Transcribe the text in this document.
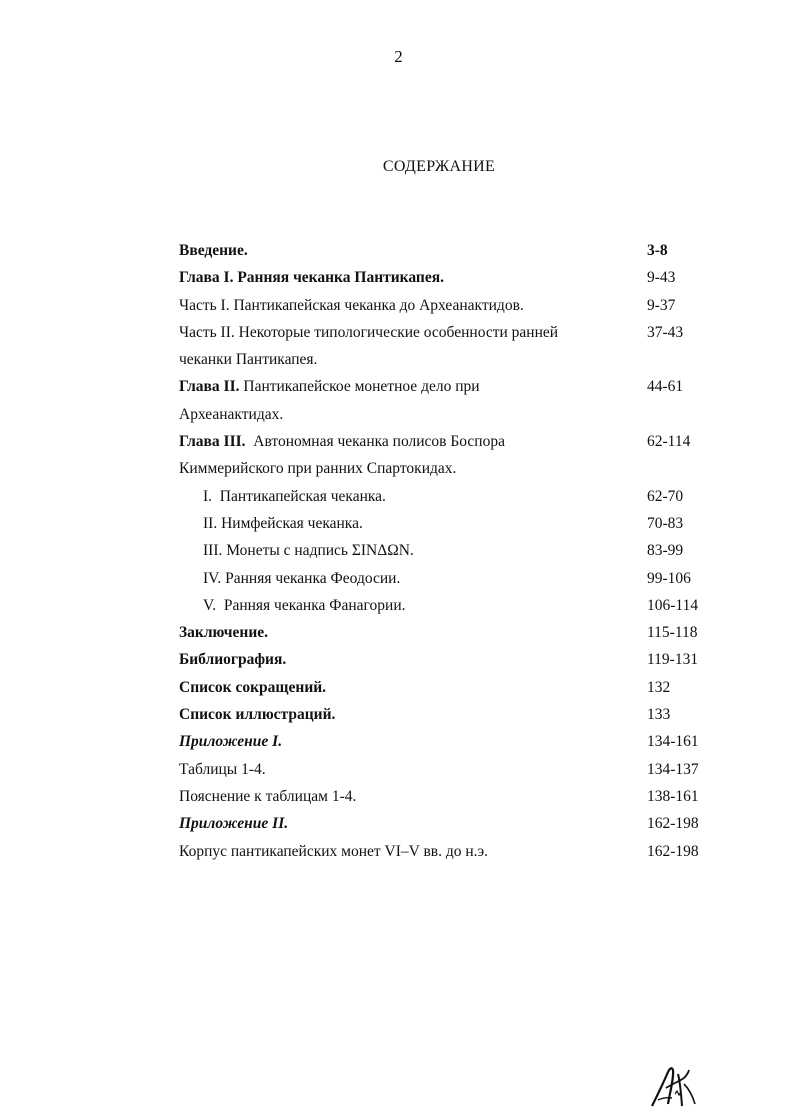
2
СОДЕРЖАНИЕ
Введение.	3-8
Глава I. Ранняя чеканка Пантикапея.	9-43
Часть I. Пантикапейская чеканка до Археанактидов.	9-37
Часть II. Некоторые типологические особенности ранней	37-43
чеканки Пантикапея.
Глава II. Пантикапейское монетное дело при	44-61
Археанактидах.
Глава III.  Автономная чеканка полисов Боспора	62-114
Киммерийского при ранних Спартокидах.
I.  Пантикапейская чеканка.	62-70
II. Нимфейская чеканка.	70-83
III. Монеты с надпись ΣΙΝΔΩΝ.	83-99
IV. Ранняя чеканка Феодосии.	99-106
V.  Ранняя чеканка Фанагории.	106-114
Заключение.	115-118
Библиография.	119-131
Список сокращений.	132
Список иллюстраций.	133
Приложение I.	134-161
Таблицы 1-4.	134-137
Пояснение к таблицам 1-4.	138-161
Приложение II.	162-198
Корпус пантикапейских монет VI–V вв. до н.э.	162-198
